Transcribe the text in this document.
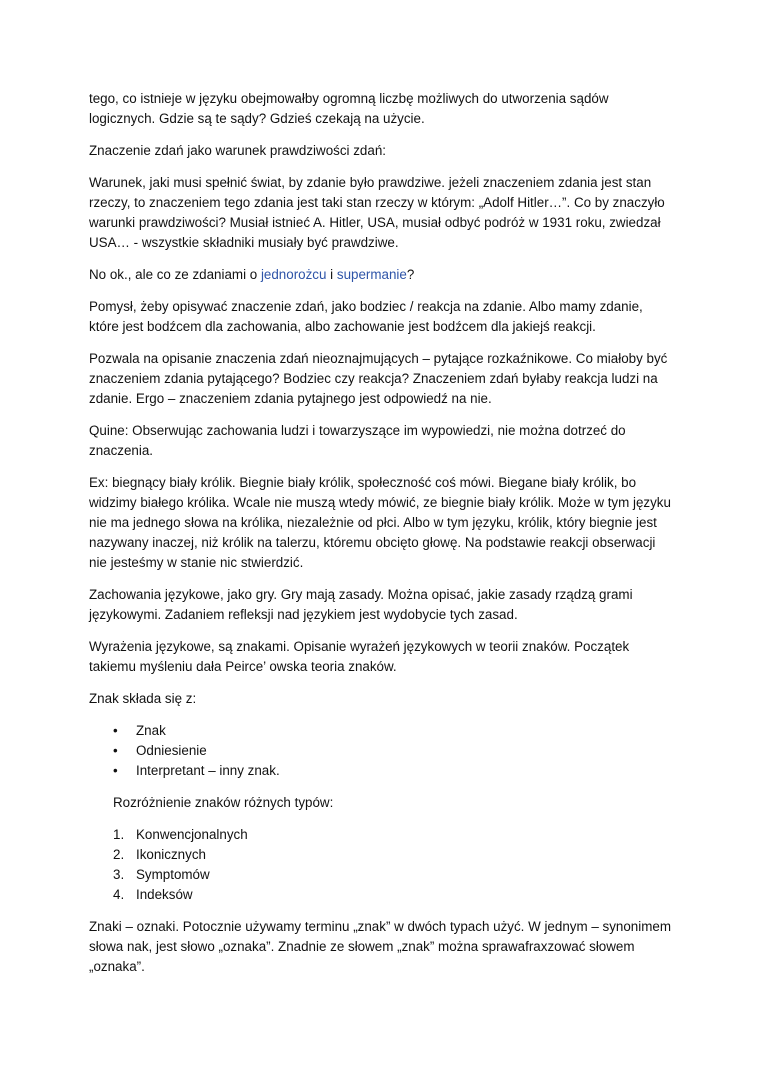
tego, co istnieje w języku obejmowałby ogromną liczbę możliwych do utworzenia sądów logicznych. Gdzie są te sądy? Gdzieś czekają na użycie.

Znaczenie zdań jako warunek prawdziwości zdań:

Warunek, jaki musi spełnić świat, by zdanie było prawdziwe. jeżeli znaczeniem zdania jest stan rzeczy, to znaczeniem tego zdania jest taki stan rzeczy w którym: „Adolf Hitler…”. Co by znaczyło warunki prawdziwości? Musiał istnieć A. Hitler, USA, musiał odbyć podróż w 1931 roku, zwiedzał USA… - wszystkie składniki musiały być prawdziwe.

No ok., ale co ze zdaniami o jednorożcu i supermanie?

Pomysł, żeby opisywać znaczenie zdań, jako bodziec / reakcja na zdanie. Albo mamy zdanie, które jest bodźcem dla zachowania, albo zachowanie jest bodźcem dla jakiejś reakcji.

Pozwala na opisanie znaczenia zdań nieoznajmujących – pytające rozkaźnikowe. Co miałoby być znaczeniem zdania pytającego? Bodziec czy reakcja? Znaczeniem zdań byłaby reakcja ludzi na zdanie. Ergo – znaczeniem zdania pytajnego jest odpowiedź na nie.

Quine: Obserwując zachowania ludzi i towarzyszące im wypowiedzi, nie można dotrzeć do znaczenia.

Ex: biegnący biały królik. Biegnie biały królik, społeczność coś mówi. Biegane biały królik, bo widzimy białego królika. Wcale nie muszą wtedy mówić, ze biegnie biały królik. Może w tym języku nie ma jednego słowa na królika, niezależnie od płci. Albo w tym języku, królik, który biegnie jest nazywany inaczej, niż królik na talerzu, któremu obcięto głowę. Na podstawie reakcji obserwacji nie jesteśmy w stanie nic stwierdzić.

Zachowania językowe, jako gry. Gry mają zasady. Można opisać, jakie zasady rządzą grami językowymi. Zadaniem refleksji nad językiem jest wydobycie tych zasad.

Wyrażenia językowe, są znakami. Opisanie wyrażeń językowych w teorii znaków. Początek takiemu myśleniu dała Peirce’ owska teoria znaków.

Znak składa się z:

• Znak
• Odniesienie
• Interpretant – inny znak.

Rozróżnienie znaków różnych typów:

1. Konwencjonalnych
2. Ikonicznych
3. Symptomów
4. Indeksów

Znaki – oznaki. Potocznie używamy terminu „znak” w dwóch typach użyć. W jednym – synonimem słowa nak, jest słowo „oznaka”. Znadnie ze słowem „znak” można sprawafraxzować słowem „oznaka”.
